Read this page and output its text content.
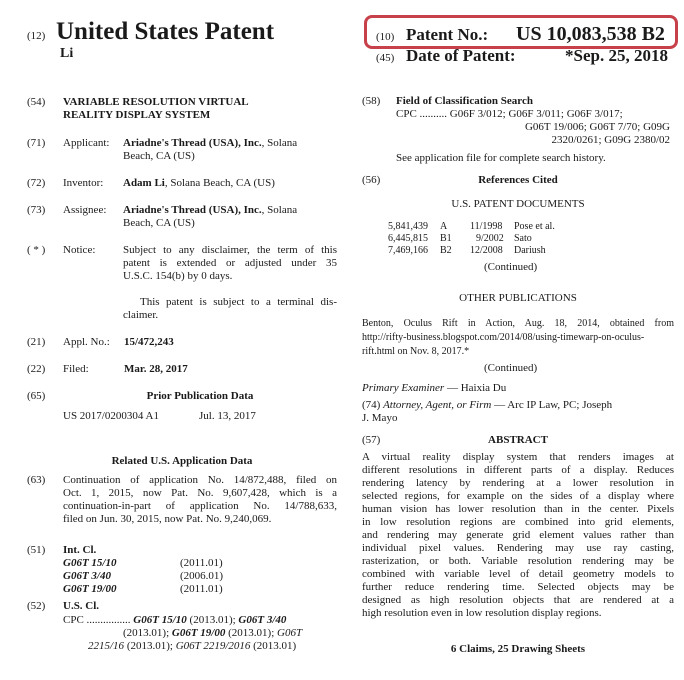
(12) United States Patent
Li
(10) Patent No.: US 10,083,538 B2
(45) Date of Patent:	*Sep. 25, 2018
(54) VARIABLE RESOLUTION VIRTUAL
REALITY DISPLAY SYSTEM
(71) Applicant: Ariadne's Thread (USA), Inc., Solana
Beach, CA (US)
(72) Inventor: Adam Li, Solana Beach, CA (US)
(73) Assignee: Ariadne's Thread (USA), Inc., Solana
Beach, CA (US)
( * ) Notice:	Subject to any disclaimer, the term of this
patent is extended or adjusted under 35
U.S.C. 154(b) by 0 days.
This patent is subject to a terminal dis-
claimer.
(21) Appl. No.: 15/472,243
(22) Filed:	Mar. 28, 2017
(65)	Prior Publication Data
US 2017/0200304 A1	Jul. 13, 2017
Related U.S. Application Data
(63) Continuation of application No. 14/872,488, filed on
Oct. 1, 2015, now Pat. No. 9,607,428, which is a
continuation-in-part of application No. 14/788,633,
filed on Jun. 30, 2015, now Pat. No. 9,240,069.
(51) Int. Cl.
G06T 15/10	(2011.01)
G06T 3/40	(2006.01)
G06T 19/00	(2011.01)
(52) U.S. Cl.
CPC ................ G06T 15/10 (2013.01); G06T 3/40
(2013.01); G06T 19/00 (2013.01); G06T
2215/16 (2013.01); G06T 2219/2016 (2013.01)
(58) Field of Classification Search
CPC .......... G06F 3/012; G06F 3/011; G06F 3/017;
G06T 19/006; G06T 7/70; G09G
2320/0261; G09G 2380/02
See application file for complete search history.
(56)	References Cited
U.S. PATENT DOCUMENTS
5,841,439 A 11/1998 Pose et al.
6,445,815 B1 9/2002 Sato
7,469,166 B2 12/2008 Dariush
(Continued)
OTHER PUBLICATIONS
Benton, Oculus Rift in Action, Aug. 18, 2014, obtained from
http://rifty-business.blogspot.com/2014/08/using-timewarp-on-oculus-
rift.html on Nov. 8, 2017.*
(Continued)
Primary Examiner — Haixia Du
(74) Attorney, Agent, or Firm — Arc IP Law, PC; Joseph
J. Mayo
(57)	ABSTRACT
A virtual reality display system that renders images at
different resolutions in different parts of a display. Reduces
rendering latency by rendering at a lower resolution in
selected regions, for example on the sides of a display where
human vision has lower resolution than in the center. Pixels
in low resolution regions are combined into grid elements,
and rendering may generate grid element values rather than
individual pixel values. Rendering may use ray casting,
rasterization, or both. Variable resolution rendering may be
combined with variable level of detail geometry models to
further reduce rendering time. Selected objects may be
designed as high resolution objects that are rendered at a
high resolution even in low resolution display regions.
6 Claims, 25 Drawing Sheets
